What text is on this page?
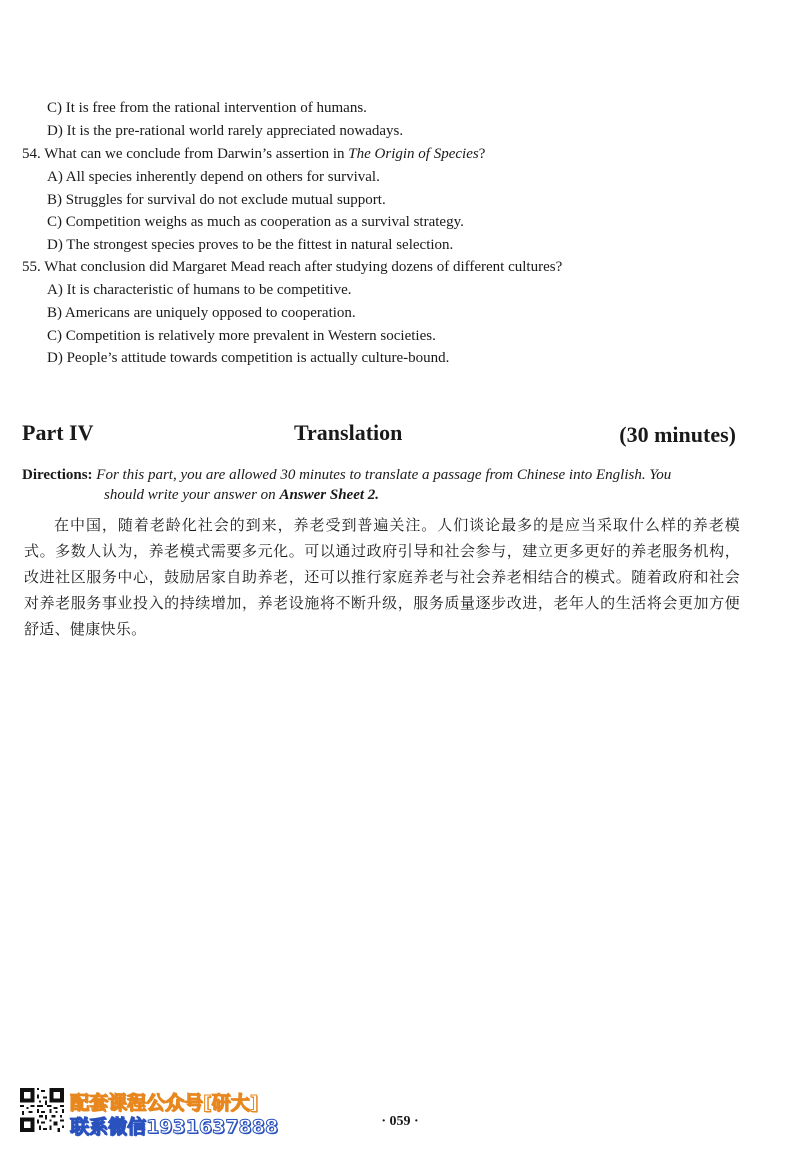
C) It is free from the rational intervention of humans.
D) It is the pre-rational world rarely appreciated nowadays.
54. What can we conclude from Darwin’s assertion in The Origin of Species?
A) All species inherently depend on others for survival.
B) Struggles for survival do not exclude mutual support.
C) Competition weighs as much as cooperation as a survival strategy.
D) The strongest species proves to be the fittest in natural selection.
55. What conclusion did Margaret Mead reach after studying dozens of different cultures?
A) It is characteristic of humans to be competitive.
B) Americans are uniquely opposed to cooperation.
C) Competition is relatively more prevalent in Western societies.
D) People’s attitude towards competition is actually culture-bound.
Part IV	Translation	(30 minutes)
Directions: For this part, you are allowed 30 minutes to translate a passage from Chinese into English. You
should write your answer on Answer Sheet 2.
在中国，随着老龄化社会的到来，养老受到普遍关注。人们谈论最多的是应当采取什么样的养老模式。多数人认为，养老模式需要多元化。可以通过政府引导和社会参与，建立更多更好的养老服务机构，改进社区服务中心，鼓励居家自助养老，还可以推行家庭养老与社会养老相结合的模式。随着政府和社会对养老服务事业投入的持续增加，养老设施将不断升级，服务质量逐步改进，老年人的生活将会更加方便舒适、健康快乐。
· 059 ·
配套课程公众号[研大]
联系微信1931637888
